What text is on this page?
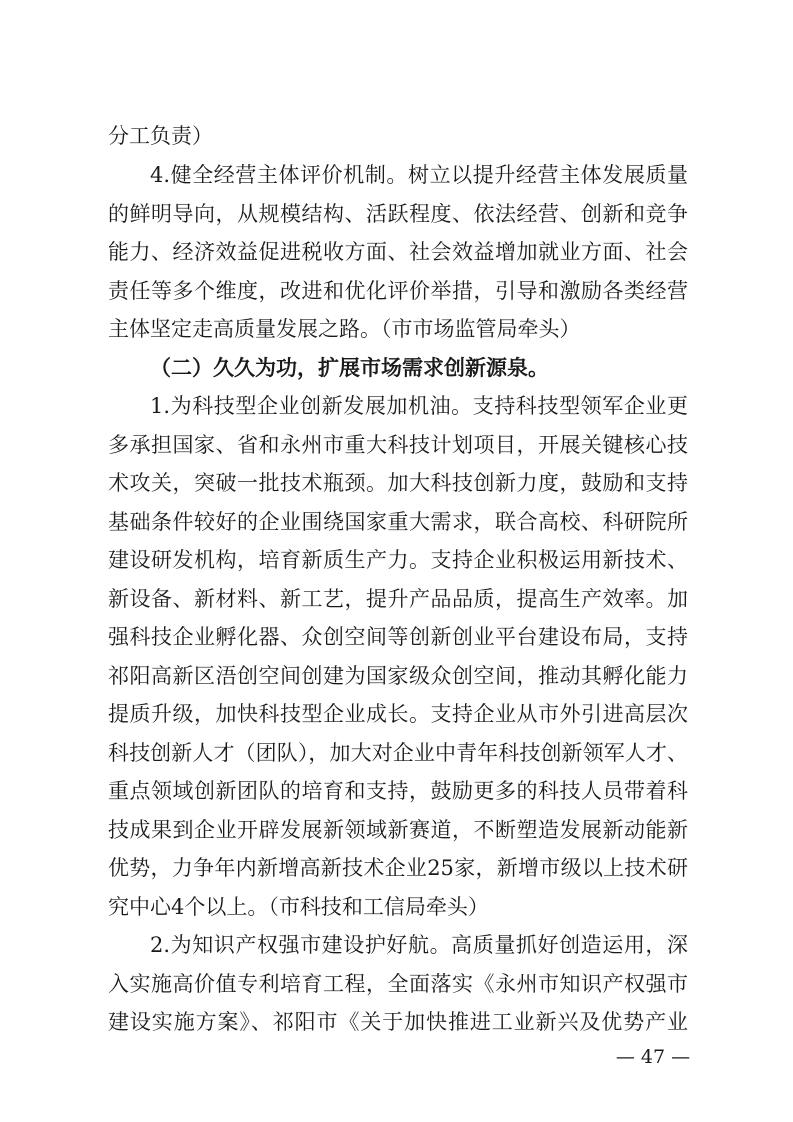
分工负责）
4.健全经营主体评价机制。树立以提升经营主体发展质量
的鲜明导向，从规模结构、活跃程度、依法经营、创新和竞争
能力、经济效益促进税收方面、社会效益增加就业方面、社会
责任等多个维度，改进和优化评价举措，引导和激励各类经营
主体坚定走高质量发展之路。（市市场监管局牵头）
（二）久久为功，扩展市场需求创新源泉。
1.为科技型企业创新发展加机油。支持科技型领军企业更
多承担国家、省和永州市重大科技计划项目，开展关键核心技
术攻关，突破一批技术瓶颈。加大科技创新力度，鼓励和支持
基础条件较好的企业围绕国家重大需求，联合高校、科研院所
建设研发机构，培育新质生产力。支持企业积极运用新技术、
新设备、新材料、新工艺，提升产品品质，提高生产效率。加
强科技企业孵化器、众创空间等创新创业平台建设布局，支持
祁阳高新区浯创空间创建为国家级众创空间，推动其孵化能力
提质升级，加快科技型企业成长。支持企业从市外引进高层次
科技创新人才（团队），加大对企业中青年科技创新领军人才、
重点领域创新团队的培育和支持，鼓励更多的科技人员带着科
技成果到企业开辟发展新领域新赛道，不断塑造发展新动能新
优势，力争年内新增高新技术企业25家，新增市级以上技术研
究中心4个以上。（市科技和工信局牵头）
2.为知识产权强市建设护好航。高质量抓好创造运用，深
入实施高价值专利培育工程，全面落实《永州市知识产权强市
建设实施方案》、祁阳市《关于加快推进工业新兴及优势产业
— 47 —
